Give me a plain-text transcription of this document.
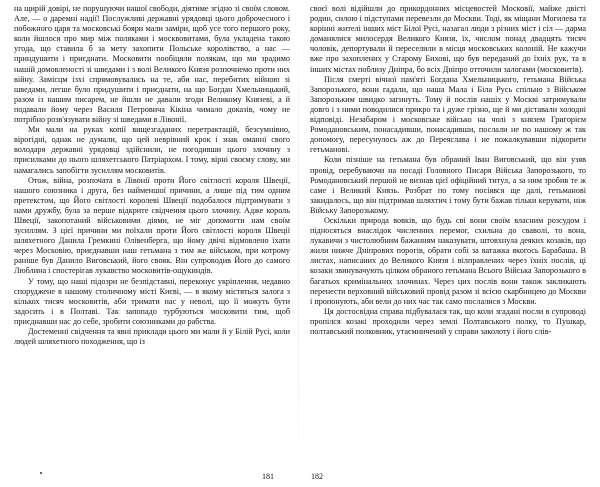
на щирій довірі, не порушуючи нашої свободи, діятиме згідно зі своїм словом. Але, — о даремні надії! Послужливі державні урядовці цього доброчесного і побожного царя та московські бояри мали заміри, щоб усе того першого року, коли йшлося про мир між поляками і москвовитами, була укладена такою угода, що ставила б за мету захопити Польське королівство, а нас — приндушити і приєднати. Московити пообіцяли полякам, що ми зрадимо нашій домовленості зі шведами і з волі Великого Князя розпочнемо проти них війну. Замісцм ізхі спрямовувались на те, аби нас, перебитих війною зі шведами, легше було придушити і приєднати, на що Богдан Хмельницький, разом із нашим писарем, не йшли не давали згоди Великому Князеві, а й подавали йому через Василя Петровича Кікіна чимало доказів, чому не потрібно розв'язувати війну зі шведами в Лівонії.

Ми мали на руках копії вищезгаданих перетрактацій, безсумнівно, вірогідні, однак не думали, що цей неврівний крок і знак оманні свого володаря державні урядовці здійснили, не погодивши цього злочину з присилками до нього шляхетського Патріархом. І тому, вірні своєму слову, ми намагались запобігти зусиллям московитів.

Отож, війна, розпочата в Лівонії проти Його світлості короля Швеції, нашого союзника і друга, без найменшої причини, а лише під тим одним претекстом, що Його світлості королеві Швеції подобалося підтримувати з нами дружбу, була за перше відкрите свідчення цього злочину. Адже король Швеції, закопотаний військовими діями, не міг допомогти нам своїм зусиллям. З цієї причини ми поїхали проти Його світлості короля Швеції шляхетного Данила Гремкині Олівенберга, що йому двічі відмовлено їхати через Московію, приєднавши наш гетьмана з тим же військом, при котрому раніше був Данило Виговський, його свояк. Він супроводив Його до самого Люблина і спостерігав лукавство московитів-ощукиндів.

У тому, що наші підозри не безпідставні, переконує укріплення, недавно споруджене в нашому столичному місті Києві, — в якому містяться залога з кількох тисяч московитів, аби тримати нас у неволі, що її можуть бути задосить і в Полтаві. Так запопадо турбуються московити тим, щоб приєднавши нас до себе, зробити союзниками до рабства.

Достеменні свідчення та явні приклади цього ми мали й у Білій Русі, коли людей шляхетного походження, що із

своєї волі відійшли до прикордонних місцевостей Московії, майже двісті родин, силою і підступами перевезли до Москви. Тоді, як міщани Могилева та корінні жителі інших міст Білої Русі, назагал люди з різних міст і сіл — дарма доманялися милосердя Великого Князя, їх, числом понад двадцять тисяч чоловік, депортували й переселили в місця московських колоній. Не кажучи вже про захоплених у Старому Бихові, що був переданий до їхніх рук, та в інших містах поблизу Дніпра, бо всіх Дніпро отточили залогами (московитів).

Після смерті вічної пам'яті Богдана Хмельницького, гетьмана Війська Запорозького, вони гадали, що наша Мала і Біла Русь спільно з Військом Запорозьким швидко загинуть. Тому й послів нашіх у Москві затримували довго і з ними поводилися прикро та і дуже грізно, ще й ми діставали холодні відповіді. Незабаром і московське військо на чолі з князем Григорієм Ромодановським, понасадивши, понасадивши, послали не по нашому ж так допомогу, пересунулось аж до Переяслава і не пожалкувавши підкорити гетьманові.

Коли пізніше на гетьмана був обраний Іван Виговський, що він узяв провід, перебуваючи на посаді Головного Писаря Війська Запорозького, то Ромодановський першой не визнав цієї офіційний титул, а за ним зробив те ж саме і Великий Князь. Розбрат по тому посіявся ще далі, гетьманові закидалось, що він підтримав шляхтич і тому бути бажав тільки керувати, ніж Війську Запорозькому.

Оскільки природа вовків, що будь сві вони своїм власним розсудом і підносяться внаслідок численних перемог, схильна до сваволі, то вона, лукавичи з чистолюбним бажанням наказувати, штовхнула деяких козаків, що жили нижче Дніпрових порогів, обрати собі за ватажка якогось Барабаша. В листах, написаних до Великого Князя і вілправлених через їхніх послів, ці козаки звинувачують цілком обраного гетьмана Всього Війська Запорозького в багатьох кримінальних злочинах. Через цих послів вони також закликають перенести верховний військовий провід разом зі всією скарбницею до Москви і пропонують, аби вели до них час так само послалися з Москви.

Ця достосвідна справа підбувалася так, що коли згадані посли в супроводі пропілся козакі проходили через землі Полтавського полку, то Пушкар, полтавський полковник, утаємничений у справи заколоту і його слів-

181	182
